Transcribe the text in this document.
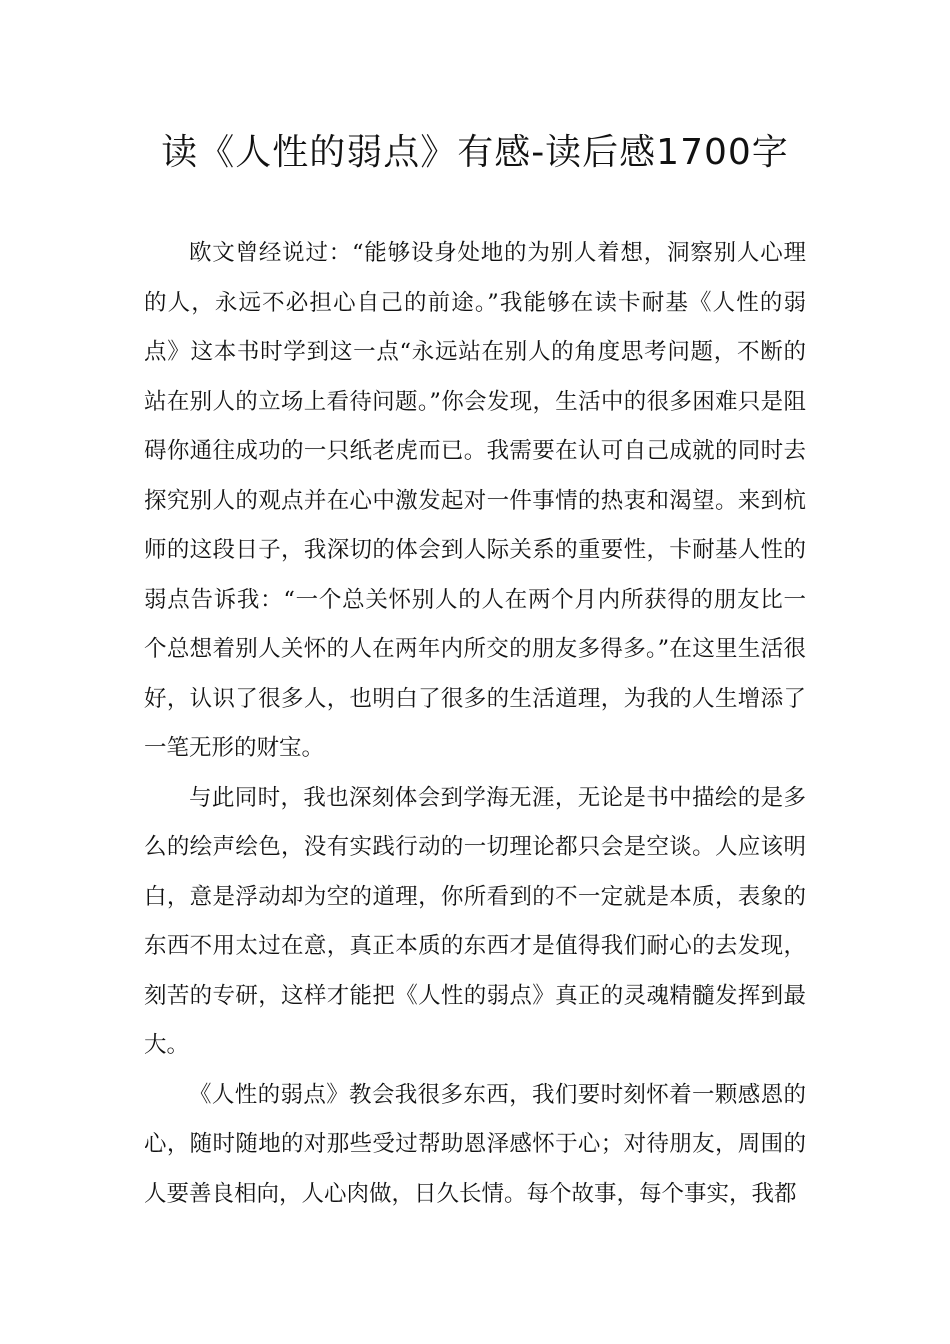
读《人性的弱点》有感-读后感1700字

欧文曾经说过：“能够设身处地的为别人着想，洞察别人心理的人，永远不必担心自己的前途。”我能够在读卡耐基《人性的弱点》这本书时学到这一点“永远站在别人的角度思考问题，不断的站在别人的立场上看待问题。”你会发现，生活中的很多困难只是阻碍你通往成功的一只纸老虎而已。我需要在认可自己成就的同时去探究别人的观点并在心中激发起对一件事情的热衷和渴望。来到杭师的这段日子，我深切的体会到人际关系的重要性，卡耐基人性的弱点告诉我：“一个总关怀别人的人在两个月内所获得的朋友比一个总想着别人关怀的人在两年内所交的朋友多得多。”在这里生活很好，认识了很多人，也明白了很多的生活道理，为我的人生增添了一笔无形的财宝。

与此同时，我也深刻体会到学海无涯，无论是书中描绘的是多么的绘声绘色，没有实践行动的一切理论都只会是空谈。人应该明白，意是浮动却为空的道理，你所看到的不一定就是本质，表象的东西不用太过在意，真正本质的东西才是值得我们耐心的去发现，刻苦的专研，这样才能把《人性的弱点》真正的灵魂精髓发挥到最大。

《人性的弱点》教会我很多东西，我们要时刻怀着一颗感恩的心，随时随地的对那些受过帮助恩泽感怀于心；对待朋友，周围的人要善良相向，人心肉做，日久长情。每个故事，每个事实，我都
